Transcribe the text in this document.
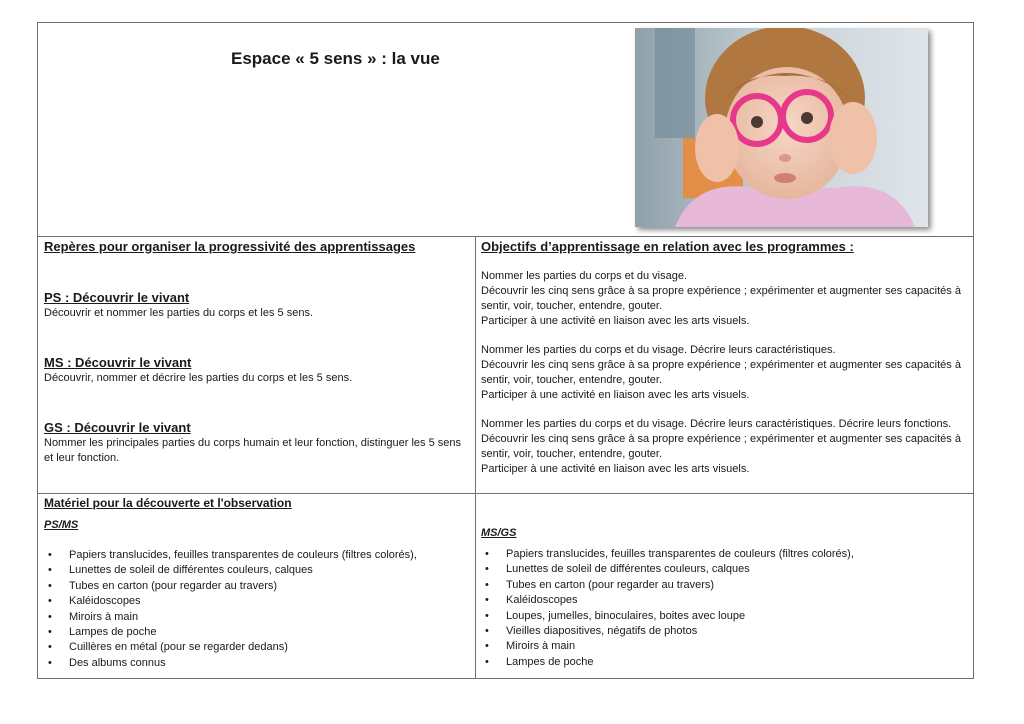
Espace « 5 sens » : la vue
Repères pour organiser la progressivité des apprentissages
PS : Découvrir le vivant

Découvrir et nommer les parties du corps et les 5 sens.

MS : Découvrir le vivant

Découvrir, nommer et décrire les parties du corps et les 5 sens.

GS : Découvrir le vivant

Nommer les principales parties du corps humain et leur fonction, distinguer les 5 sens

et leur fonction.

Objectifs d’apprentissage en relation avec les programmes :

Nommer les parties du corps et du visage.

Découvrir les cinq sens grâce à sa propre expérience ; expérimenter et augmenter ses capacités à

sentir, voir, toucher, entendre, gouter.

Participer à une activité en liaison avec les arts visuels.

Nommer les parties du corps et du visage. Décrire leurs caractéristiques.

Découvrir les cinq sens grâce à sa propre expérience ; expérimenter et augmenter ses capacités à

sentir, voir, toucher, entendre, gouter.

Participer à une activité en liaison avec les arts visuels.

Nommer les parties du corps et du visage. Décrire leurs caractéristiques. Décrire leurs fonctions.

Découvrir les cinq sens grâce à sa propre expérience ; expérimenter et augmenter ses capacités à

sentir, voir, toucher, entendre, gouter.

Participer à une activité en liaison avec les arts visuels.

Matériel pour la découverte et l'observation
PS/MS
• Papiers translucides, feuilles transparentes de couleurs (filtres colorés),
• Lunettes de soleil de différentes couleurs, calques
• Tubes en carton (pour regarder au travers)
• Kaléidoscopes
• Miroirs à main
• Lampes de poche
• Cuillères en métal (pour se regarder dedans)
• Des albums connus
MS/GS
• Papiers translucides, feuilles transparentes de couleurs (filtres colorés),
• Lunettes de soleil de différentes couleurs, calques
• Tubes en carton (pour regarder au travers)
• Kaléidoscopes
• Loupes, jumelles, binoculaires, boites avec loupe
• Vieilles diapositives, négatifs de photos
• Miroirs à main
• Lampes de poche
